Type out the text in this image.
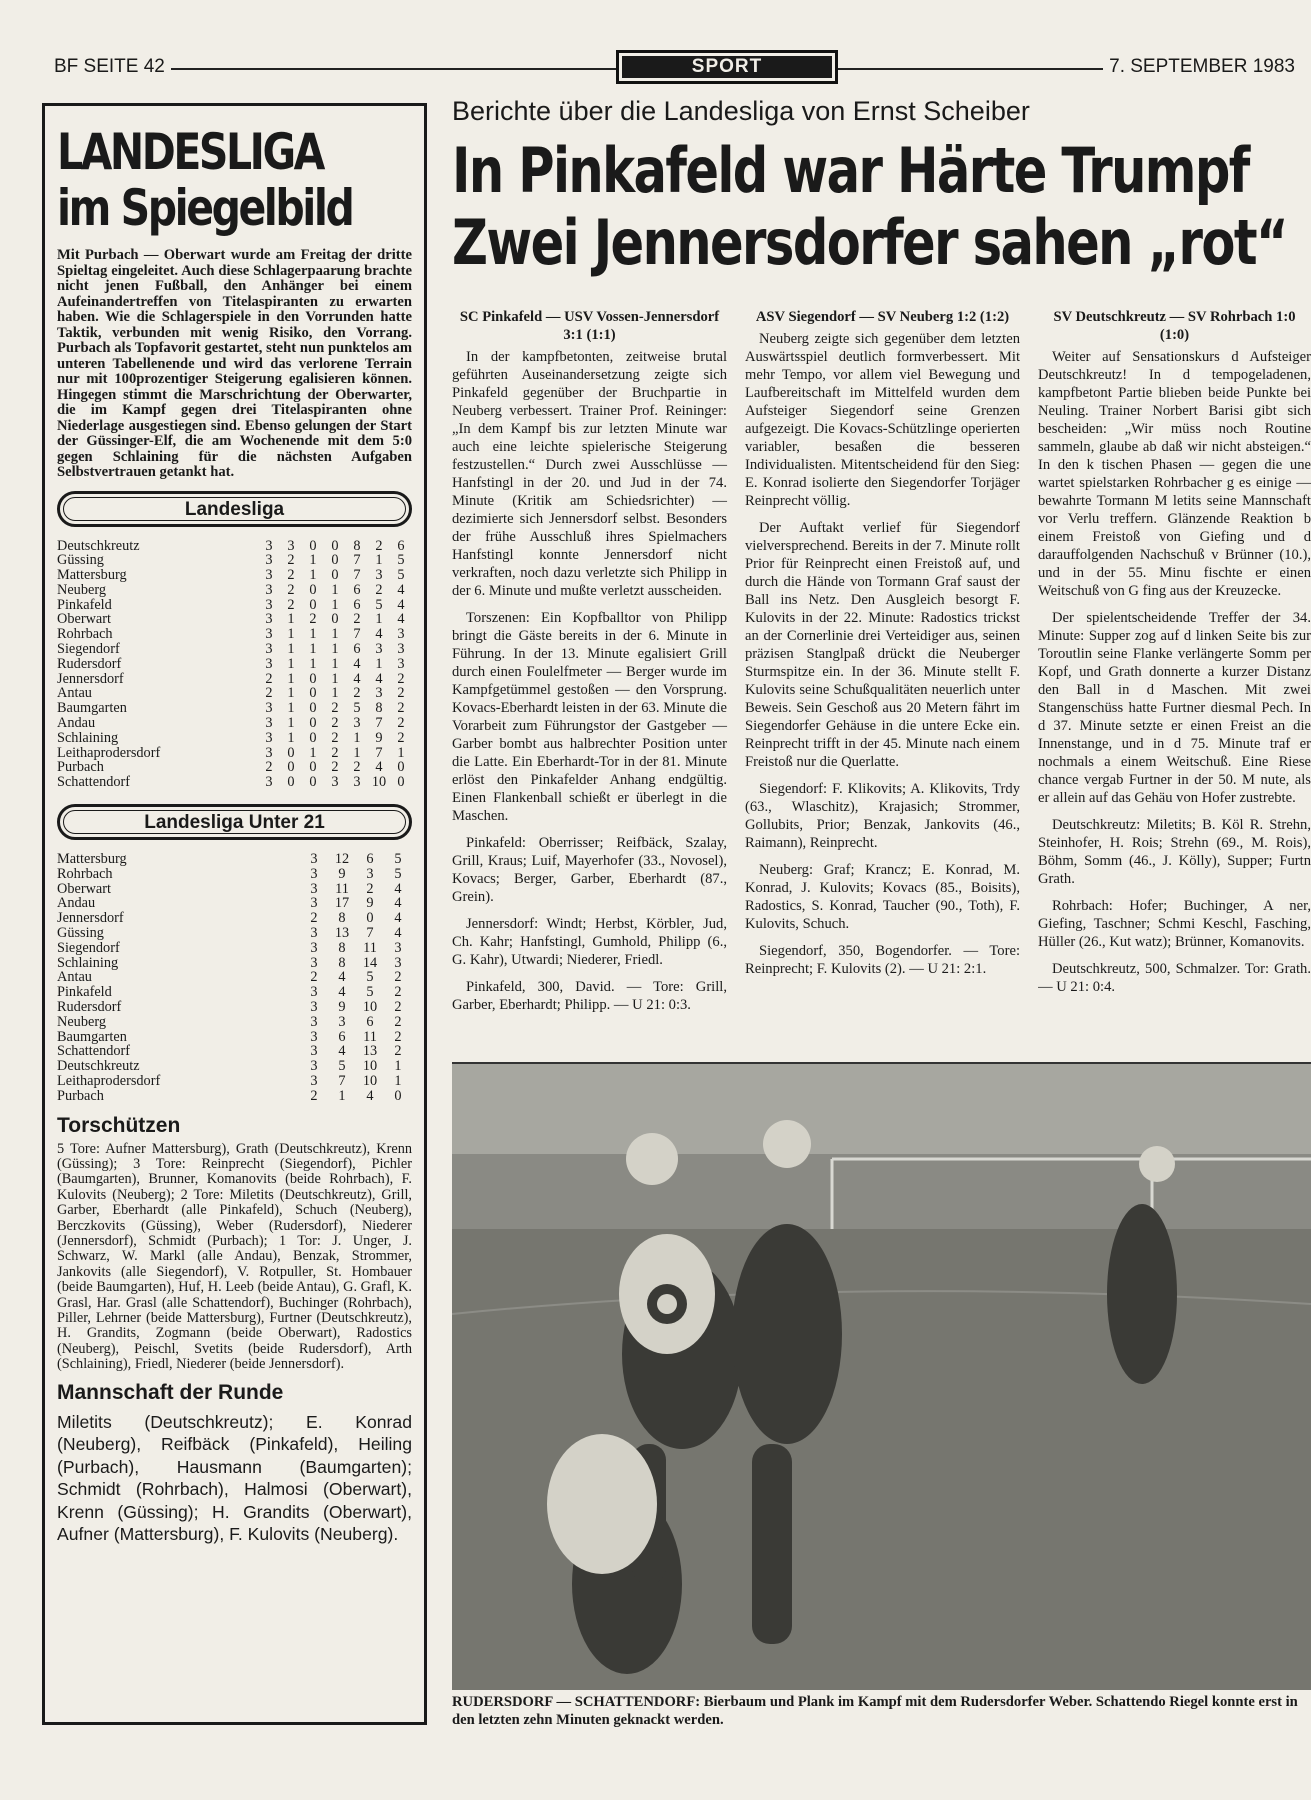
BF SEITE 42	SPORT	7. SEPTEMBER 1983
LANDESLIGA
im Spiegelbild

Mit Purbach — Oberwart wurde am Freitag der dritte Spieltag eingeleitet. Auch diese Schlagerpaarung brachte nicht jenen Fußball, den Anhänger bei einem Aufeinandertreffen von Titelaspiranten zu erwarten haben. Wie die Schlagerspiele in den Vorrunden hatte Taktik, verbunden mit wenig Risiko, den Vorrang. Purbach als Topfavorit gestartet, steht nun punktelos am unteren Tabellenende und wird das verlorene Terrain nur mit 100prozentiger Steigerung egalisieren können. Hingegen stimmt die Marschrichtung der Oberwarter, die im Kampf gegen drei Titelaspiranten ohne Niederlage ausgestiegen sind. Ebenso gelungen der Start der Güssinger-Elf, die am Wochenende mit dem 5:0 gegen Schlaining für die nächsten Aufgaben Selbstvertrauen getankt hat.

Landesliga
Deutschkreutz	3	3	0	0	8	2	6
Güssing	3	2	1	0	7	1	5
Mattersburg	3	2	1	0	7	3	5
Neuberg	3	2	0	1	6	2	4
Pinkafeld	3	2	0	1	6	5	4
Oberwart	3	1	2	0	2	1	4
Rohrbach	3	1	1	1	7	4	3
Siegendorf	3	1	1	1	6	3	3
Rudersdorf	3	1	1	1	4	1	3
Jennersdorf	2	1	0	1	4	4	2
Antau	2	1	0	1	2	3	2
Baumgarten	3	1	0	2	5	8	2
Andau	3	1	0	2	3	7	2
Schlaining	3	1	0	2	1	9	2
Leithaprodersdorf	3	0	1	2	1	7	1
Purbach	2	0	0	2	2	4	0
Schattendorf	3	0	0	3	3	10	0
Landesliga Unter 21
Mattersburg	3	12	6	5
Rohrbach	3	9	3	5
Oberwart	3	11	2	4
Andau	3	17	9	4
Jennersdorf	2	8	0	4
Güssing	3	13	7	4
Siegendorf	3	8	11	3
Schlaining	3	8	14	3
Antau	2	4	5	2
Pinkafeld	3	4	5	2
Rudersdorf	3	9	10	2
Neuberg	3	3	6	2
Baumgarten	3	6	11	2
Schattendorf	3	4	13	2
Deutschkreutz	3	5	10	1
Leithaprodersdorf	3	7	10	1
Purbach	2	1	4	0
Torschützen

5 Tore: Aufner Mattersburg), Grath (Deutschkreutz), Krenn (Güssing); 3 Tore: Reinprecht (Siegendorf), Pichler (Baumgarten), Brunner, Komanovits (beide Rohrbach), F. Kulovits (Neuberg); 2 Tore: Miletits (Deutschkreutz), Grill, Garber, Eberhardt (alle Pinkafeld), Schuch (Neuberg), Berczkovits (Güssing), Weber (Rudersdorf), Niederer (Jennersdorf), Schmidt (Purbach); 1 Tor: J. Unger, J. Schwarz, W. Markl (alle Andau), Benzak, Strommer, Jankovits (alle Siegendorf), V. Rotpuller, St. Hombauer (beide Baumgarten), Huf, H. Leeb (beide Antau), G. Grafl, K. Grasl, Har. Grasl (alle Schattendorf), Buchinger (Rohrbach), Piller, Lehrner (beide Mattersburg), Furtner (Deutschkreutz), H. Grandits, Zogmann (beide Oberwart), Radostics (Neuberg), Peischl, Svetits (beide Rudersdorf), Arth (Schlaining), Friedl, Niederer (beide Jennersdorf).

Mannschaft der Runde

Miletits (Deutschkreutz); E. Konrad (Neuberg), Reifbäck (Pinkafeld), Heiling (Purbach), Hausmann (Baumgarten); Schmidt (Rohrbach), Halmosi (Oberwart), Krenn (Güssing); H. Grandits (Oberwart), Aufner (Mattersburg), F. Kulovits (Neuberg).

Berichte über die Landesliga von Ernst Scheiber
In Pinkafeld war Härte Trumpf
Zwei Jennersdorfer sahen „rot“
SC Pinkafeld — USV Vossen-Jennersdorf 3:1 (1:1)

In der kampfbetonten, zeitweise brutal geführten Auseinandersetzung zeigte sich Pinkafeld gegenüber der Bruchpartie in Neuberg verbessert. Trainer Prof. Reininger: „In dem Kampf bis zur letzten Minute war auch eine leichte spielerische Steigerung festzustellen.“ Durch zwei Ausschlüsse — Hanfstingl in der 20. und Jud in der 74. Minute (Kritik am Schiedsrichter) — dezimierte sich Jennersdorf selbst. Besonders der frühe Ausschluß ihres Spielmachers Hanfstingl konnte Jennersdorf nicht verkraften, noch dazu verletzte sich Philipp in der 6. Minute und mußte verletzt ausscheiden.

Torszenen: Ein Kopfballtor von Philipp bringt die Gäste bereits in der 6. Minute in Führung. In der 13. Minute egalisiert Grill durch einen Foulelfmeter — Berger wurde im Kampfgetümmel gestoßen — den Vorsprung. Kovacs-Eberhardt leisten in der 63. Minute die Vorarbeit zum Führungstor der Gastgeber — Garber bombt aus halbrechter Position unter die Latte. Ein Eberhardt-Tor in der 81. Minute erlöst den Pinkafelder Anhang endgültig. Einen Flankenball schießt er überlegt in die Maschen.

Pinkafeld: Oberrisser; Reifbäck, Szalay, Grill, Kraus; Luif, Mayerhofer (33., Novosel), Kovacs; Berger, Garber, Eberhardt (87., Grein).

Jennersdorf: Windt; Herbst, Körbler, Jud, Ch. Kahr; Hanfstingl, Gumhold, Philipp (6., G. Kahr), Utwardi; Niederer, Friedl.

Pinkafeld, 300, David. — Tore: Grill, Garber, Eberhardt; Philipp. — U 21: 0:3.

ASV Siegendorf — SV Neuberg 1:2 (1:2)

Neuberg zeigte sich gegenüber dem letzten Auswärtsspiel deutlich formverbessert. Mit mehr Tempo, vor allem viel Bewegung und Laufbereitschaft im Mittelfeld wurden dem Aufsteiger Siegendorf seine Grenzen aufgezeigt. Die Kovacs-Schützlinge operierten variabler, besaßen die besseren Individualisten. Mitentscheidend für den Sieg: E. Konrad isolierte den Siegendorfer Torjäger Reinprecht völlig.

Der Auftakt verlief für Siegendorf vielversprechend. Bereits in der 7. Minute rollt Prior für Reinprecht einen Freistoß auf, und durch die Hände von Tormann Graf saust der Ball ins Netz. Den Ausgleich besorgt F. Kulovits in der 22. Minute: Radostics trickst an der Cornerlinie drei Verteidiger aus, seinen präzisen Stanglpaß drückt die Neuberger Sturmspitze ein. In der 36. Minute stellt F. Kulovits seine Schußqualitäten neuerlich unter Beweis. Sein Geschoß aus 20 Metern fährt im Siegendorfer Gehäuse in die untere Ecke ein. Reinprecht trifft in der 45. Minute nach einem Freistoß nur die Querlatte.

Siegendorf: F. Klikovits; A. Klikovits, Trdy (63., Wlaschitz), Krajasich; Strommer, Gollubits, Prior; Benzak, Jankovits (46., Raimann), Reinprecht.

Neuberg: Graf; Krancz; E. Konrad, M. Konrad, J. Kulovits; Kovacs (85., Boisits), Radostics, S. Konrad, Taucher (90., Toth), F. Kulovits, Schuch.

Siegendorf, 350, Bogendorfer. — Tore: Reinprecht; F. Kulovits (2). — U 21: 2:1.

SV Deutschkreutz — SV Rohrbach 1:0 (1:0)

Weiter auf Sensationskurs d Aufsteiger Deutschkreutz! In d tempogeladenen, kampfbetont Partie blieben beide Punkte bei Neuling. Trainer Norbert Barisi gibt sich bescheiden: „Wir müss noch Routine sammeln, glaube ab daß wir nicht absteigen.“ In den k tischen Phasen — gegen die une wartet spielstarken Rohrbacher g es einige — bewahrte Tormann M letits seine Mannschaft vor Verlu treffern. Glänzende Reaktion b einem Freistoß von Giefing und d darauffolgenden Nachschuß v Brünner (10.), und in der 55. Minu fischte er einen Weitschuß von G fing aus der Kreuzecke.

Der spielentscheidende Treffer der 34. Minute: Supper zog auf d linken Seite bis zur Toroutlin seine Flanke verlängerte Somm per Kopf, und Grath donnerte a kurzer Distanz den Ball in d Maschen. Mit zwei Stangenschüss hatte Furtner diesmal Pech. In d 37. Minute setzte er einen Freist an die Innenstange, und in d 75. Minute traf er nochmals a einem Weitschuß. Eine Riese chance vergab Furtner in der 50. M nute, als er allein auf das Gehäu von Hofer zustrebte.

Deutschkreutz: Miletits; B. Köl R. Strehn, Steinhofer, H. Rois; Strehn (69., M. Rois), Böhm, Somm (46., J. Kölly), Supper; Furtn Grath.

Rohrbach: Hofer; Buchinger, A ner, Giefing, Taschner; Schmi Keschl, Fasching, Hüller (26., Kut watz); Brünner, Komanovits.

Deutschkreutz, 500, Schmalzer. Tor: Grath. — U 21: 0:4.

RUDERSDORF — SCHATTENDORF: Bierbaum und Plank im Kampf mit dem Rudersdorfer Weber. Schattendo Riegel konnte erst in den letzten zehn Minuten geknackt werden.
